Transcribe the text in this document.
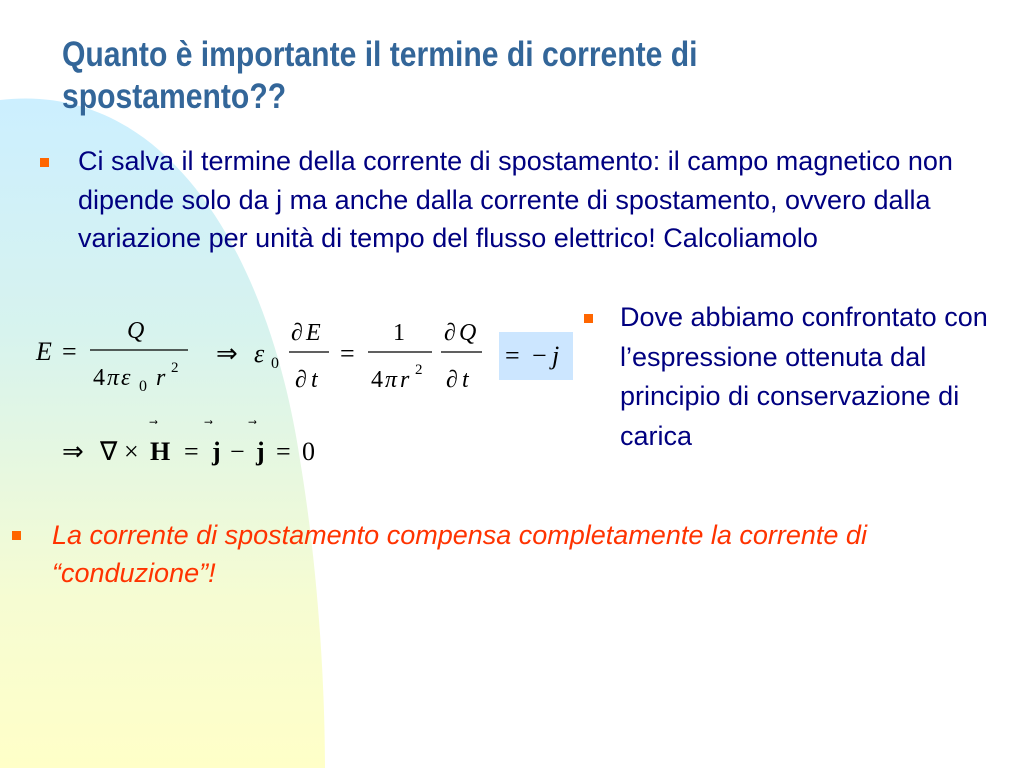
Quanto è importante il termine di corrente di spostamento??

Ci salva il termine della corrente di spostamento: il campo magnetico non dipende solo da j ma anche dalla corrente di spostamento, ovvero dalla variazione per unità di tempo del flusso elettrico! Calcoliamolo

Dove abbiamo confrontato con l’espressione ottenuta dal principio di conservazione di carica

La corrente di spostamento compensa completamente la corrente di “conduzione”!

E =
Q
4 π ε 0 r 2 ⇒ ε 0
∂ E
∂ t
=
1
4 π r 2
∂ Q
∂ t
= − j
⇒ ∇ × H = j − j = 0
